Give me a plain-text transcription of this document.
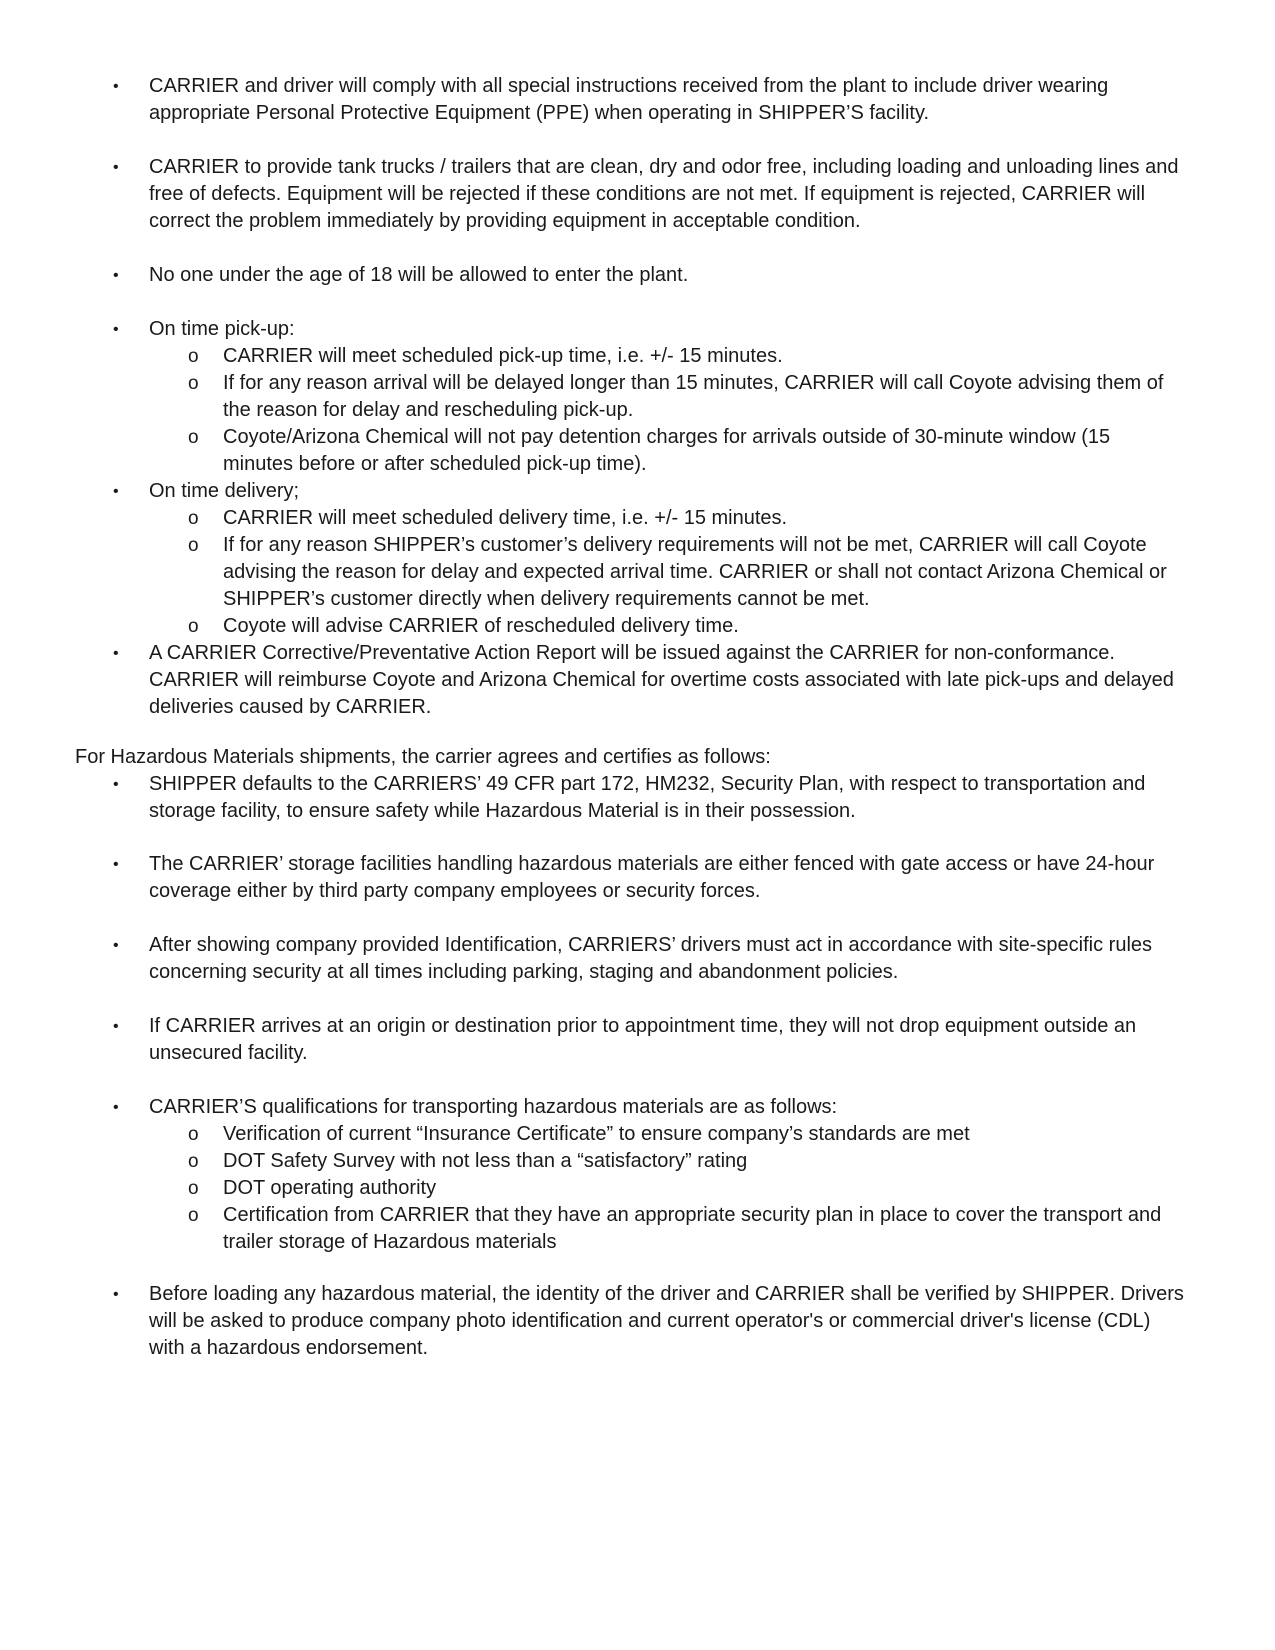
• CARRIER and driver will comply with all special instructions received from the plant to include driver wearing appropriate Personal Protective Equipment (PPE) when operating in SHIPPER’S facility.
• CARRIER to provide tank trucks / trailers that are clean, dry and odor free, including loading and unloading lines and free of defects. Equipment will be rejected if these conditions are not met. If equipment is rejected, CARRIER will correct the problem immediately by providing equipment in acceptable condition.
• No one under the age of 18 will be allowed to enter the plant.
• On time pick-up:
o CARRIER will meet scheduled pick-up time, i.e. +/- 15 minutes.
o If for any reason arrival will be delayed longer than 15 minutes, CARRIER will call Coyote advising them of the reason for delay and rescheduling pick-up.
o Coyote/Arizona Chemical will not pay detention charges for arrivals outside of 30-minute window (15 minutes before or after scheduled pick-up time).
• On time delivery;
o CARRIER will meet scheduled delivery time, i.e. +/- 15 minutes.
o If for any reason SHIPPER’s customer’s delivery requirements will not be met, CARRIER will call Coyote advising the reason for delay and expected arrival time. CARRIER or shall not contact Arizona Chemical or SHIPPER’s customer directly when delivery requirements cannot be met.
o Coyote will advise CARRIER of rescheduled delivery time.
• A CARRIER Corrective/Preventative Action Report will be issued against the CARRIER for non-conformance. CARRIER will reimburse Coyote and Arizona Chemical for overtime costs associated with late pick-ups and delayed deliveries caused by CARRIER.
For Hazardous Materials shipments, the carrier agrees and certifies as follows:
• SHIPPER defaults to the CARRIERS’ 49 CFR part 172, HM232, Security Plan, with respect to transportation and storage facility, to ensure safety while Hazardous Material is in their possession.
• The CARRIER’ storage facilities handling hazardous materials are either fenced with gate access or have 24-hour coverage either by third party company employees or security forces.
• After showing company provided Identification, CARRIERS’ drivers must act in accordance with site-specific rules concerning security at all times including parking, staging and abandonment policies.
• If CARRIER arrives at an origin or destination prior to appointment time, they will not drop equipment outside an unsecured facility.
• CARRIER’S qualifications for transporting hazardous materials are as follows:
o Verification of current “Insurance Certificate” to ensure company’s standards are met
o DOT Safety Survey with not less than a “satisfactory” rating
o DOT operating authority
o Certification from CARRIER that they have an appropriate security plan in place to cover the transport and trailer storage of Hazardous materials
• Before loading any hazardous material, the identity of the driver and CARRIER shall be verified by SHIPPER. Drivers will be asked to produce company photo identification and current operator's or commercial driver's license (CDL) with a hazardous endorsement.
